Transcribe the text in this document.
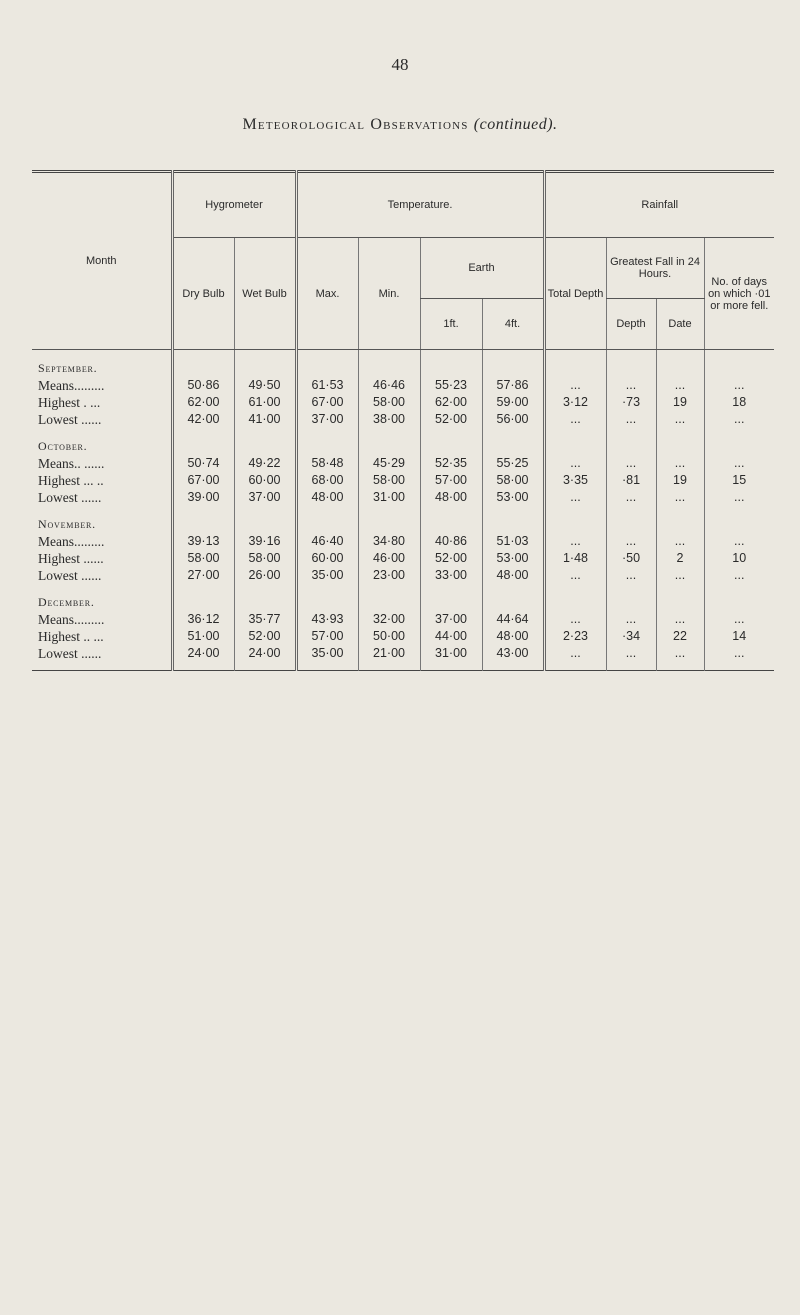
48
Meteorological Observations (continued).
Month	Hygrometer		Temperature.				Rainfall			
	Dry Bulb	Wet Bulb	Max.	Min.	Earth		Total Depth	Greatest Fall in 24 Hours.		No. of days on which ·01 or more fell.
					1ft.	4ft.		Depth	Date	
September.										
Means.........	50·86	49·50	61·53	46·46	55·23	57·86	...	...	...	...
Highest . ...	62·00	61·00	67·00	58·00	62·00	59·00	3·12	·73	19	18
Lowest ......	42·00	41·00	37·00	38·00	52·00	56·00	...	...	...	...
October.										
Means.. ......	50·74	49·22	58·48	45·29	52·35	55·25	...	...	...	...
Highest ... ..	67·00	60·00	68·00	58·00	57·00	58·00	3·35	·81	19	15
Lowest ......	39·00	37·00	48·00	31·00	48·00	53·00	...	...	...	...
November.										
Means.........	39·13	39·16	46·40	34·80	40·86	51·03	...	...	...	...
Highest ......	58·00	58·00	60·00	46·00	52·00	53·00	1·48	·50	2	10
Lowest ......	27·00	26·00	35·00	23·00	33·00	48·00	...	...	...	...
December.										
Means.........	36·12	35·77	43·93	32·00	37·00	44·64	...	...	...	...
Highest .. ...	51·00	52·00	57·00	50·00	44·00	48·00	2·23	·34	22	14
Lowest ......	24·00	24·00	35·00	21·00	31·00	43·00	...	...	...	...
